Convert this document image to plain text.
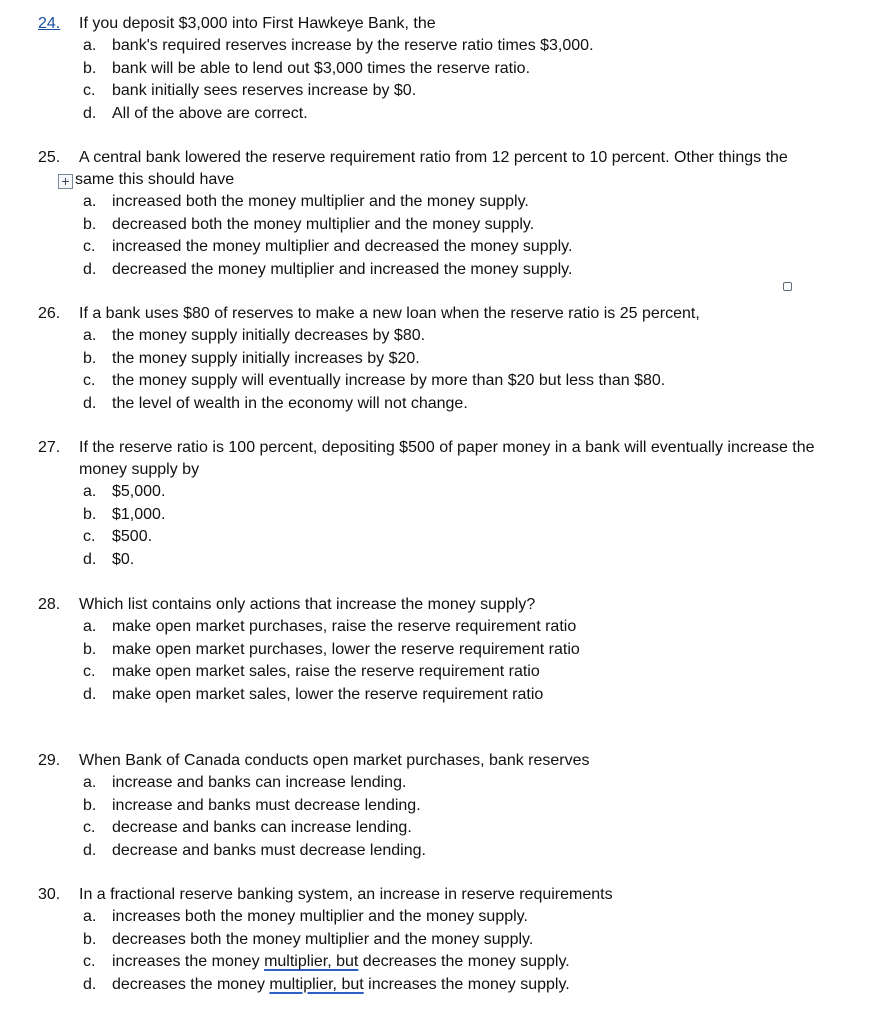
24.	If you deposit $3,000 into First Hawkeye Bank, the
a. bank's required reserves increase by the reserve ratio times $3,000.
b. bank will be able to lend out $3,000 times the reserve ratio.
c. bank initially sees reserves increase by $0.
d. All of the above are correct.
25.	A central bank lowered the reserve requirement ratio from 12 percent to 10 percent. Other things the
+ same this should have
a. increased both the money multiplier and the money supply.
b. decreased both the money multiplier and the money supply.
c. increased the money multiplier and decreased the money supply.
d. decreased the money multiplier and increased the money supply.
26.	If a bank uses $80 of reserves to make a new loan when the reserve ratio is 25 percent,
a. the money supply initially decreases by $80.
b. the money supply initially increases by $20.
c. the money supply will eventually increase by more than $20 but less than $80.
d. the level of wealth in the economy will not change.
27.	If the reserve ratio is 100 percent, depositing $500 of paper money in a bank will eventually increase the
money supply by
a. $5,000.
b. $1,000.
c. $500.
d. $0.
28.	Which list contains only actions that increase the money supply?
a. make open market purchases, raise the reserve requirement ratio
b. make open market purchases, lower the reserve requirement ratio
c. make open market sales, raise the reserve requirement ratio
d. make open market sales, lower the reserve requirement ratio
29.	When Bank of Canada conducts open market purchases, bank reserves
a. increase and banks can increase lending.
b. increase and banks must decrease lending.
c. decrease and banks can increase lending.
d. decrease and banks must decrease lending.
30.	In a fractional reserve banking system, an increase in reserve requirements
a. increases both the money multiplier and the money supply.
b. decreases both the money multiplier and the money supply.
c. increases the money multiplier, but decreases the money supply.
d. decreases the money multiplier, but increases the money supply.
